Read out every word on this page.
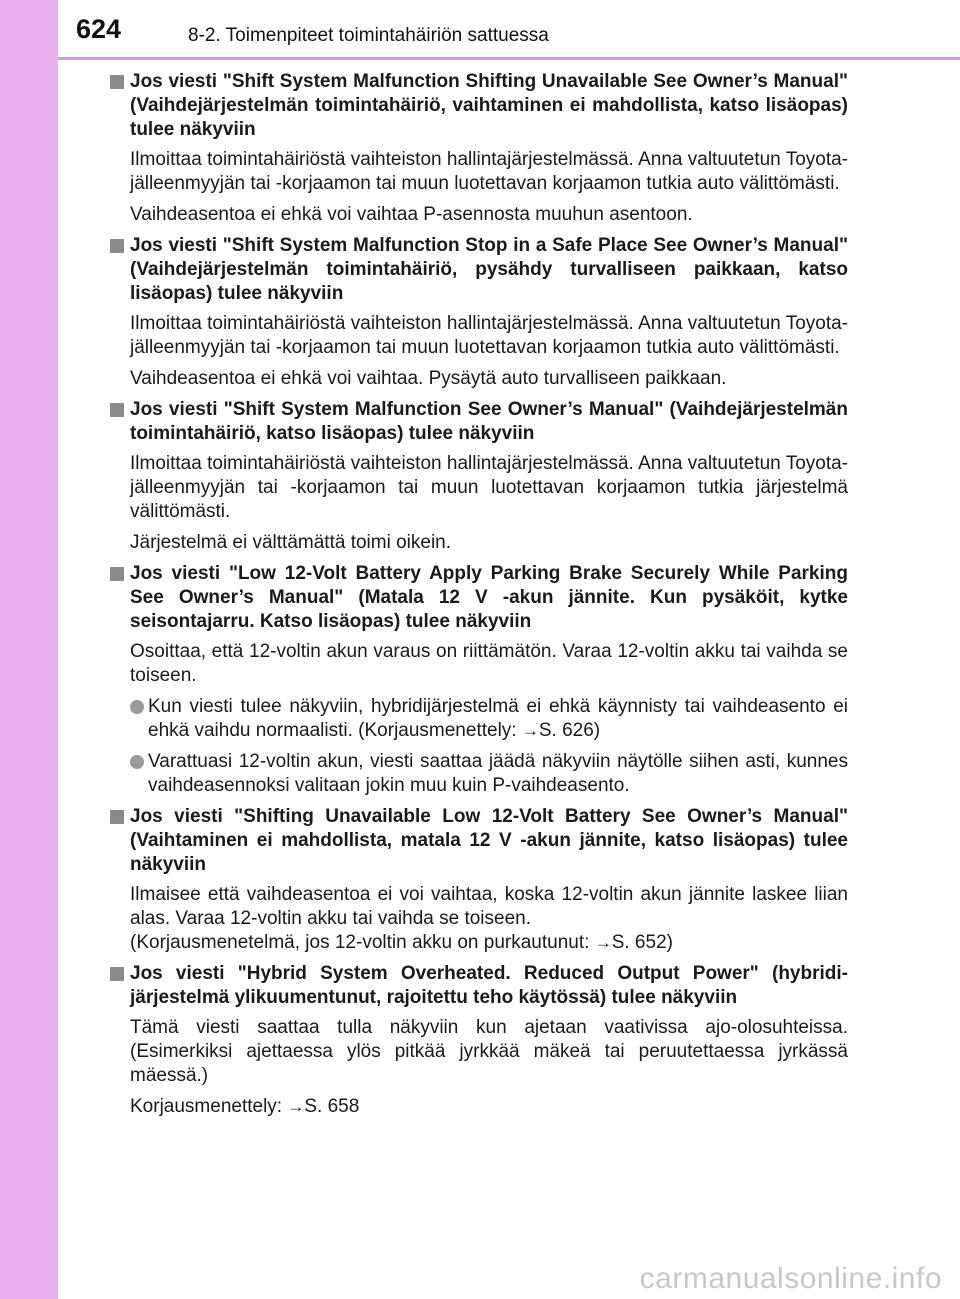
624	8-2. Toimenpiteet toimintahäiriön sattuessa
Jos viesti "Shift System Malfunction Shifting Unavailable See Owner’s Manual" (Vaihdejärjestelmän toimintahäiriö, vaihtaminen ei mahdollista, katso lisäopas) tulee näkyviin
Ilmoittaa toimintahäiriöstä vaihteiston hallintajärjestelmässä. Anna valtuutetun Toyota-jälleenmyyjän tai -korjaamon tai muun luotettavan korjaamon tutkia auto välittömästi.
Vaihdeasentoa ei ehkä voi vaihtaa P-asennosta muuhun asentoon.
Jos viesti "Shift System Malfunction Stop in a Safe Place See Owner’s Manual" (Vaihdejärjestelmän toimintahäiriö, pysähdy turvalliseen paikkaan, katso lisäopas) tulee näkyviin
Ilmoittaa toimintahäiriöstä vaihteiston hallintajärjestelmässä. Anna valtuutetun Toyota-jälleenmyyjän tai -korjaamon tai muun luotettavan korjaamon tutkia auto välittömästi.
Vaihdeasentoa ei ehkä voi vaihtaa. Pysäytä auto turvalliseen paikkaan.
Jos viesti "Shift System Malfunction See Owner’s Manual" (Vaihdejärjestelmän toimintahäiriö, katso lisäopas) tulee näkyviin
Ilmoittaa toimintahäiriöstä vaihteiston hallintajärjestelmässä. Anna valtuutetun Toyota-jälleenmyyjän tai -korjaamon tai muun luotettavan korjaamon tutkia järjestelmä välittömästi.
Järjestelmä ei välttämättä toimi oikein.
Jos viesti "Low 12-Volt Battery Apply Parking Brake Securely While Parking See Owner’s Manual" (Matala 12 V -akun jännite. Kun pysäköit, kytke seisontajarru. Katso lisäopas) tulee näkyviin
Osoittaa, että 12-voltin akun varaus on riittämätön. Varaa 12-voltin akku tai vaihda se toiseen.
Kun viesti tulee näkyviin, hybridijärjestelmä ei ehkä käynnisty tai vaihdeasento ei ehkä vaihdu normaalisti. (Korjausmenettely: →S. 626)
Varattuasi 12-voltin akun, viesti saattaa jäädä näkyviin näytölle siihen asti, kunnes vaihdeasennoksi valitaan jokin muu kuin P-vaihdeasento.
Jos viesti "Shifting Unavailable Low 12-Volt Battery See Owner’s Manual" (Vaihtaminen ei mahdollista, matala 12 V -akun jännite, katso lisäopas) tulee näkyviin
Ilmaisee että vaihdeasentoa ei voi vaihtaa, koska 12-voltin akun jännite laskee liian alas. Varaa 12-voltin akku tai vaihda se toiseen.
(Korjausmenetelmä, jos 12-voltin akku on purkautunut: →S. 652)
Jos viesti "Hybrid System Overheated. Reduced Output Power" (hybridijärjestelmä ylikuumentunut, rajoitettu teho käytössä) tulee näkyviin
Tämä viesti saattaa tulla näkyviin kun ajetaan vaativissa ajo-olosuhteissa. (Esimerkiksi ajettaessa ylös pitkää jyrkkää mäkeä tai peruutettaessa jyrkässä mäessä.)
Korjausmenettely: →S. 658
carmanualsonline.info
